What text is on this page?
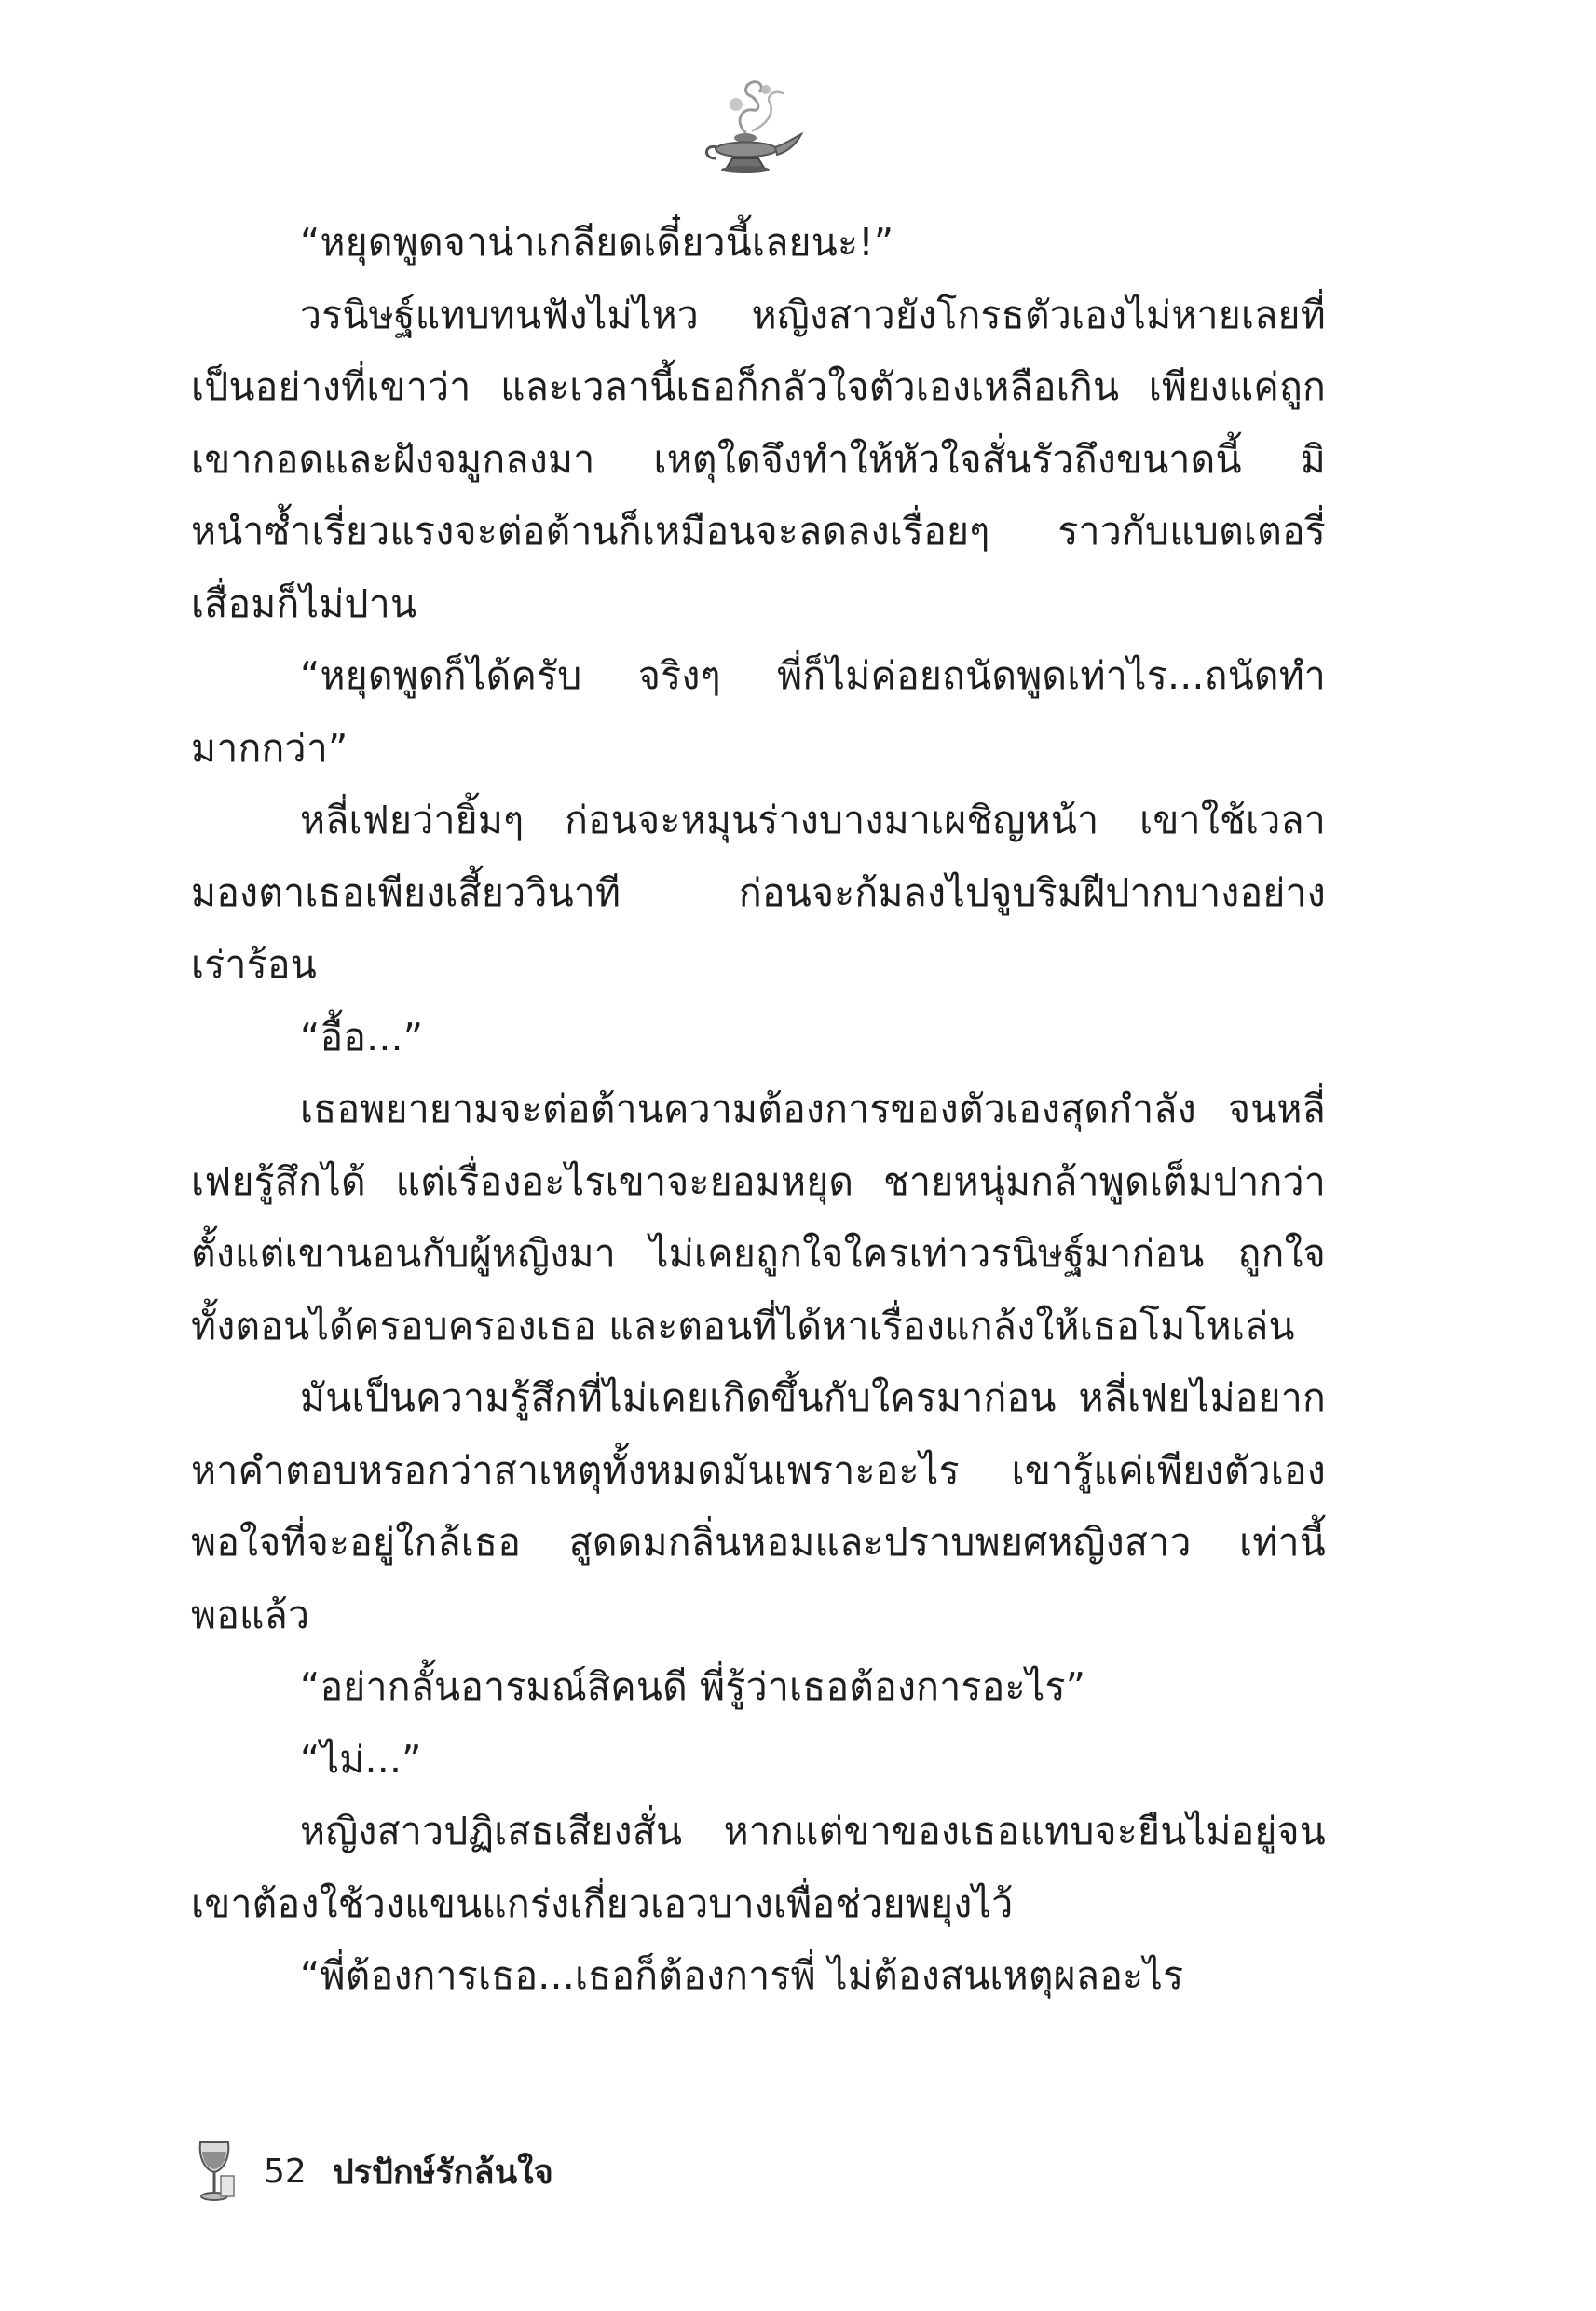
“หยุดพูดจาน่าเกลียดเดี๋ยวนี้เลยนะ!”

วรนิษฐ์แทบทนฟังไม่ไหว หญิงสาวยังโกรธตัวเองไม่หายเลยที่เป็นอย่างที่เขาว่า และเวลานี้เธอก็กลัวใจตัวเองเหลือเกิน เพียงแค่ถูกเขากอดและฝังจมูกลงมา เหตุใดจึงทำให้หัวใจสั่นรัวถึงขนาดนี้ มิหนำซ้ำเรี่ยวแรงจะต่อต้านก็เหมือนจะลดลงเรื่อยๆ ราวกับแบตเตอรี่เสื่อมก็ไม่ปาน

“หยุดพูดก็ได้ครับ จริงๆ พี่ก็ไม่ค่อยถนัดพูดเท่าไร...ถนัดทำมากกว่า”

หลี่เฟยว่ายิ้มๆ ก่อนจะหมุนร่างบางมาเผชิญหน้า เขาใช้เวลามองตาเธอเพียงเสี้ยววินาที ก่อนจะก้มลงไปจูบริมฝีปากบางอย่างเร่าร้อน

“อื้อ...”

เธอพยายามจะต่อต้านความต้องการของตัวเองสุดกำลัง จนหลี่เฟยรู้สึกได้ แต่เรื่องอะไรเขาจะยอมหยุด ชายหนุ่มกล้าพูดเต็มปากว่าตั้งแต่เขานอนกับผู้หญิงมา ไม่เคยถูกใจใครเท่าวรนิษฐ์มาก่อน ถูกใจทั้งตอนได้ครอบครองเธอ และตอนที่ได้หาเรื่องแกล้งให้เธอโมโหเล่น

มันเป็นความรู้สึกที่ไม่เคยเกิดขึ้นกับใครมาก่อน หลี่เฟยไม่อยากหาคำตอบหรอกว่าสาเหตุทั้งหมดมันเพราะอะไร เขารู้แค่เพียงตัวเองพอใจที่จะอยู่ใกล้เธอ สูดดมกลิ่นหอมและปราบพยศหญิงสาว เท่านี้พอแล้ว

“อย่ากลั้นอารมณ์สิคนดี พี่รู้ว่าเธอต้องการอะไร”

“ไม่...”

หญิงสาวปฏิเสธเสียงสั่น หากแต่ขาของเธอแทบจะยืนไม่อยู่จนเขาต้องใช้วงแขนแกร่งเกี่ยวเอวบางเพื่อช่วยพยุงไว้

“พี่ต้องการเธอ...เธอก็ต้องการพี่ ไม่ต้องสนเหตุผลอะไร

52 ปรปักษ์รักล้นใจ
